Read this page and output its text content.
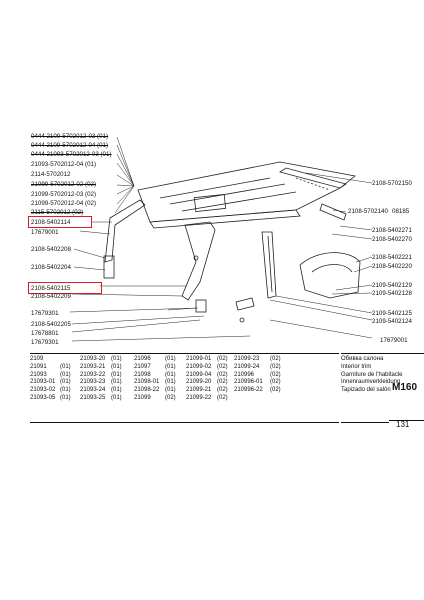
0444 2109-5702012-03 (01)
0444 2109-5702012-04 (01)
0444 21093-5702012-03 (01)
21093-5702012-04 (01)
2114-5702012
21099-5702012-02 (02)
21099-5702012-03 (02)
21099-5702012-04 (02)
2115-5702012 (02)
2108-5402114
2108-5402115
17679001
2108-5402208
2108-5402204
2108-5402209
17679301
2108-5402205
17678801
17679301
2108-5702150
2108-5702140 08185
2108-5402271
2108-5402270
2108-5402221
2108-5402220
2109-5402129
2109-5402128
2109-5402125
2109-5402124
17679001
2109
21091 (01)
21093 (01)
21093-01 (01)
21093-02 (01)
21093-05 (01)
21093-20 (01)
21093-21 (01)
21093-22 (01)
21093-23 (01)
21093-24 (01)
21093-25 (01)
21096 (01)
21097 (01)
21098 (01)
21098-01 (01)
21098-22 (01)
21099 (02)
21099-01 (02)
21099-02 (02)
21099-04 (02)
21099-20 (02)
21099-21 (02)
21099-22 (02)
21099-23 (02)
21099-24 (02)
210996	(02)
210996-01 (02)
210996-22 (02)
Обивка салона
Interior trim
Garniture de l'habitacle
Innenraumverkleidung
Tapizado del salón M160
131
